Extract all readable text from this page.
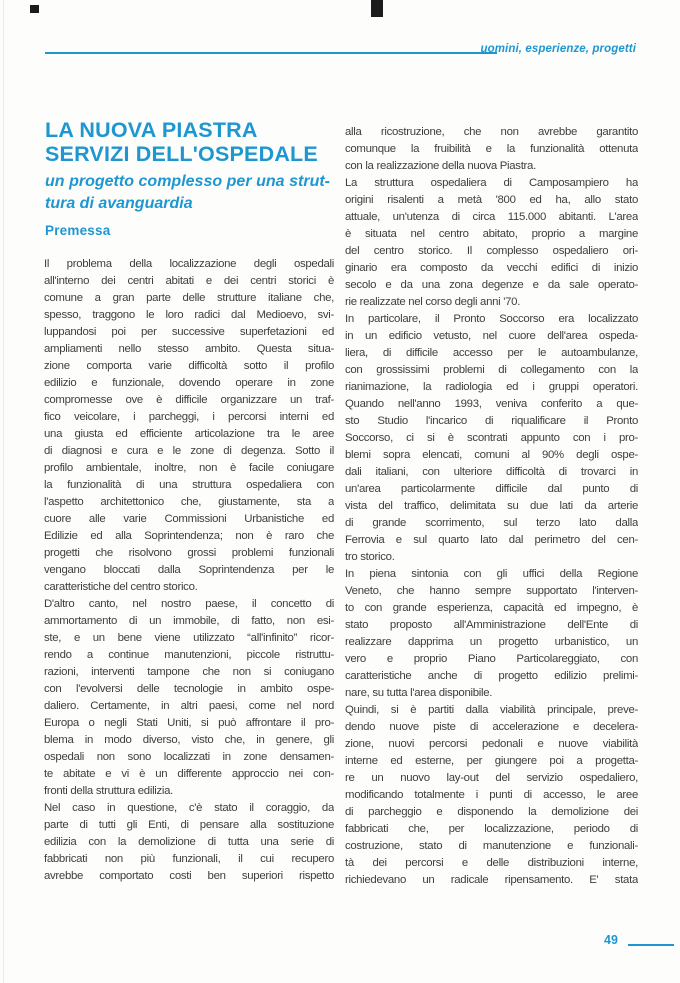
uomini, esperienze, progetti
LA NUOVA PIASTRA
SERVIZI DELL'OSPEDALE
un progetto complesso per una strut-
tura di avanguardia
Premessa
Il problema della localizzazione degli ospedali
all'interno dei centri abitati e dei centri storici è
comune a gran parte delle strutture italiane che,
spesso, traggono le loro radici dal Medioevo, svi-
luppandosi poi per successive superfetazioni ed
ampliamenti nello stesso ambito. Questa situa-
zione comporta varie difficoltà sotto il profilo
edilizio e funzionale, dovendo operare in zone
compromesse ove è difficile organizzare un traf-
fico veicolare, i parcheggi, i percorsi interni ed
una giusta ed efficiente articolazione tra le aree
di diagnosi e cura e le zone di degenza. Sotto il
profilo ambientale, inoltre, non è facile coniugare
la funzionalità di una struttura ospedaliera con
l'aspetto architettonico che, giustamente, sta a
cuore alle varie Commissioni Urbanistiche ed
Edilizie ed alla Soprintendenza; non è raro che
progetti che risolvono grossi problemi funzionali
vengano bloccati dalla Soprintendenza per le
caratteristiche del centro storico.
D'altro canto, nel nostro paese, il concetto di
ammortamento di un immobile, di fatto, non esi-
ste, e un bene viene utilizzato “all'infinito” ricor-
rendo a continue manutenzioni, piccole ristruttu-
razioni, interventi tampone che non si coniugano
con l'evolversi delle tecnologie in ambito ospe-
daliero. Certamente, in altri paesi, come nel nord
Europa o negli Stati Uniti, si può affrontare il pro-
blema in modo diverso, visto che, in genere, gli
ospedali non sono localizzati in zone densamen-
te abitate e vi è un differente approccio nei con-
fronti della struttura edilizia.
Nel caso in questione, c'è stato il coraggio, da
parte di tutti gli Enti, di pensare alla sostituzione
edilizia con la demolizione di tutta una serie di
fabbricati non più funzionali, il cui recupero
avrebbe comportato costi ben superiori rispetto
alla ricostruzione, che non avrebbe garantito
comunque la fruibilità e la funzionalità ottenuta
con la realizzazione della nuova Piastra.
La struttura ospedaliera di Camposampiero ha
origini risalenti a metà '800 ed ha, allo stato
attuale, un'utenza di circa 115.000 abitanti. L'area
è situata nel centro abitato, proprio a margine
del centro storico. Il complesso ospedaliero ori-
ginario era composto da vecchi edifici di inizio
secolo e da una zona degenze e da sale operato-
rie realizzate nel corso degli anni '70.
In particolare, il Pronto Soccorso era localizzato
in un edificio vetusto, nel cuore dell'area ospeda-
liera, di difficile accesso per le autoambulanze,
con grossissimi problemi di collegamento con la
rianimazione, la radiologia ed i gruppi operatori.
Quando nell'anno 1993, veniva conferito a que-
sto Studio l'incarico di riqualificare il Pronto
Soccorso, ci si è scontrati appunto con i pro-
blemi sopra elencati, comuni al 90% degli ospe-
dali italiani, con ulteriore difficoltà di trovarci in
un'area particolarmente difficile dal punto di
vista del traffico, delimitata su due lati da arterie
di grande scorrimento, sul terzo lato dalla
Ferrovia e sul quarto lato dal perimetro del cen-
tro storico.
In piena sintonia con gli uffici della Regione
Veneto, che hanno sempre supportato l'interven-
to con grande esperienza, capacità ed impegno, è
stato proposto all'Amministrazione dell'Ente di
realizzare dapprima un progetto urbanistico, un
vero e proprio Piano Particolareggiato, con
caratteristiche anche di progetto edilizio prelimi-
nare, su tutta l'area disponibile.
Quindi, si è partiti dalla viabilità principale, preve-
dendo nuove piste di accelerazione e decelera-
zione, nuovi percorsi pedonali e nuove viabilità
interne ed esterne, per giungere poi a progetta-
re un nuovo lay-out del servizio ospedaliero,
modificando totalmente i punti di accesso, le aree
di parcheggio e disponendo la demolizione dei
fabbricati che, per localizzazione, periodo di
costruzione, stato di manutenzione e funzionali-
tà dei percorsi e delle distribuzioni interne,
richiedevano un radicale ripensamento. E' stata
49
